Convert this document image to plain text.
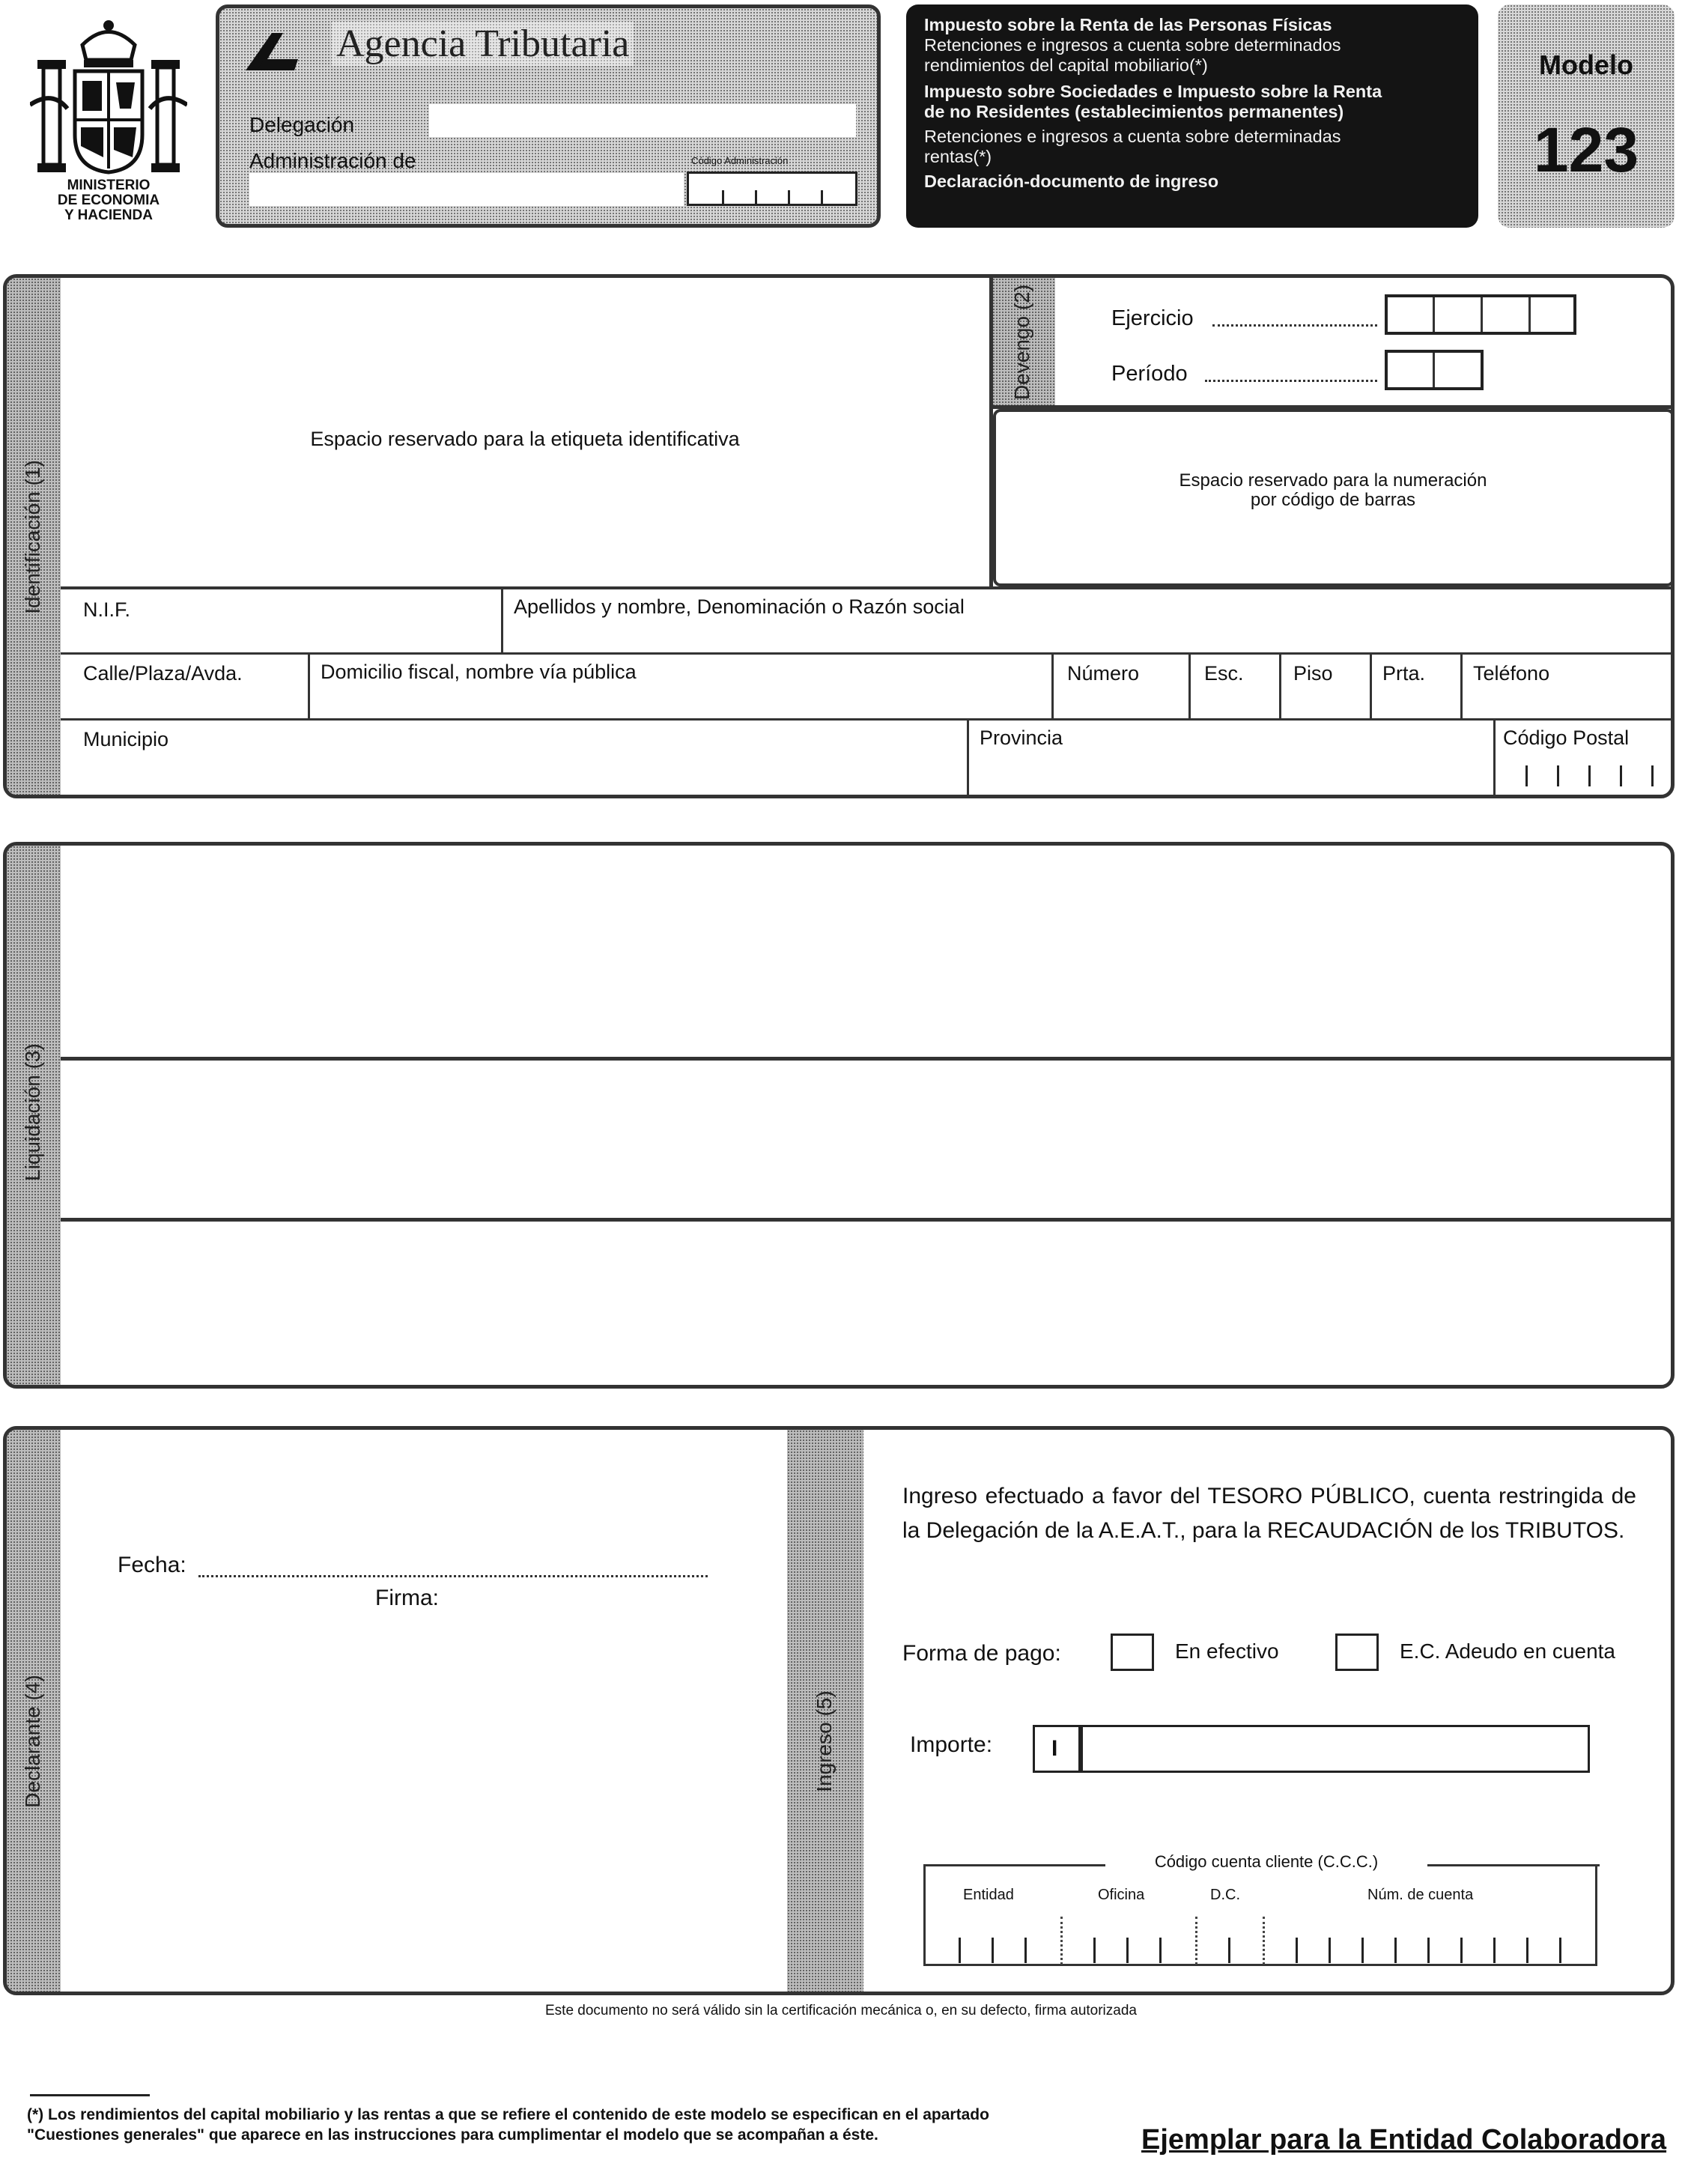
MINISTERIO
DE ECONOMIA
Y HACIENDA
Agencia Tributaria
Delegación
Administración de	Código Administración
Impuesto sobre la Renta de las Personas Físicas
Retenciones e ingresos a cuenta sobre determinados
rendimientos del capital mobiliario(*)
Impuesto sobre Sociedades e Impuesto sobre la Renta
de no Residentes (establecimientos permanentes)
Retenciones e ingresos a cuenta sobre determinadas
rentas(*)
Declaración-documento de ingreso
Modelo
123
Identificación (1)
Espacio reservado para la etiqueta identificativa
Devengo (2)	Ejercicio
Período
Espacio reservado para la numeración
por código de barras
N.I.F.	Apellidos y nombre, Denominación o Razón social
Calle/Plaza/Avda.	Domicilio fiscal, nombre vía pública	Número	Esc. Piso Prta. Teléfono
Municipio	Provincia	Código Postal
Liquidación (3)
Declarante (4)
Fecha:
Firma:
Ingreso (5)
Ingreso efectuado a favor del TESORO PÚBLICO, cuenta restringida de la Delegación de la A.E.A.T., para la RECAUDACIÓN de los TRIBUTOS.
Forma de pago:	En efectivo	E.C. Adeudo en cuenta
Importe:	I
Código cuenta cliente (C.C.C.)
Entidad	Oficina	D.C.	Núm. de cuenta
Este documento no será válido sin la certificación mecánica o, en su defecto, firma autorizada
(*) Los rendimientos del capital mobiliario y las rentas a que se refiere el contenido de este modelo se especifican en el apartado "Cuestiones generales" que aparece en las instrucciones para cumplimentar el modelo que se acompañan a éste.	Ejemplar para la Entidad Colaboradora
